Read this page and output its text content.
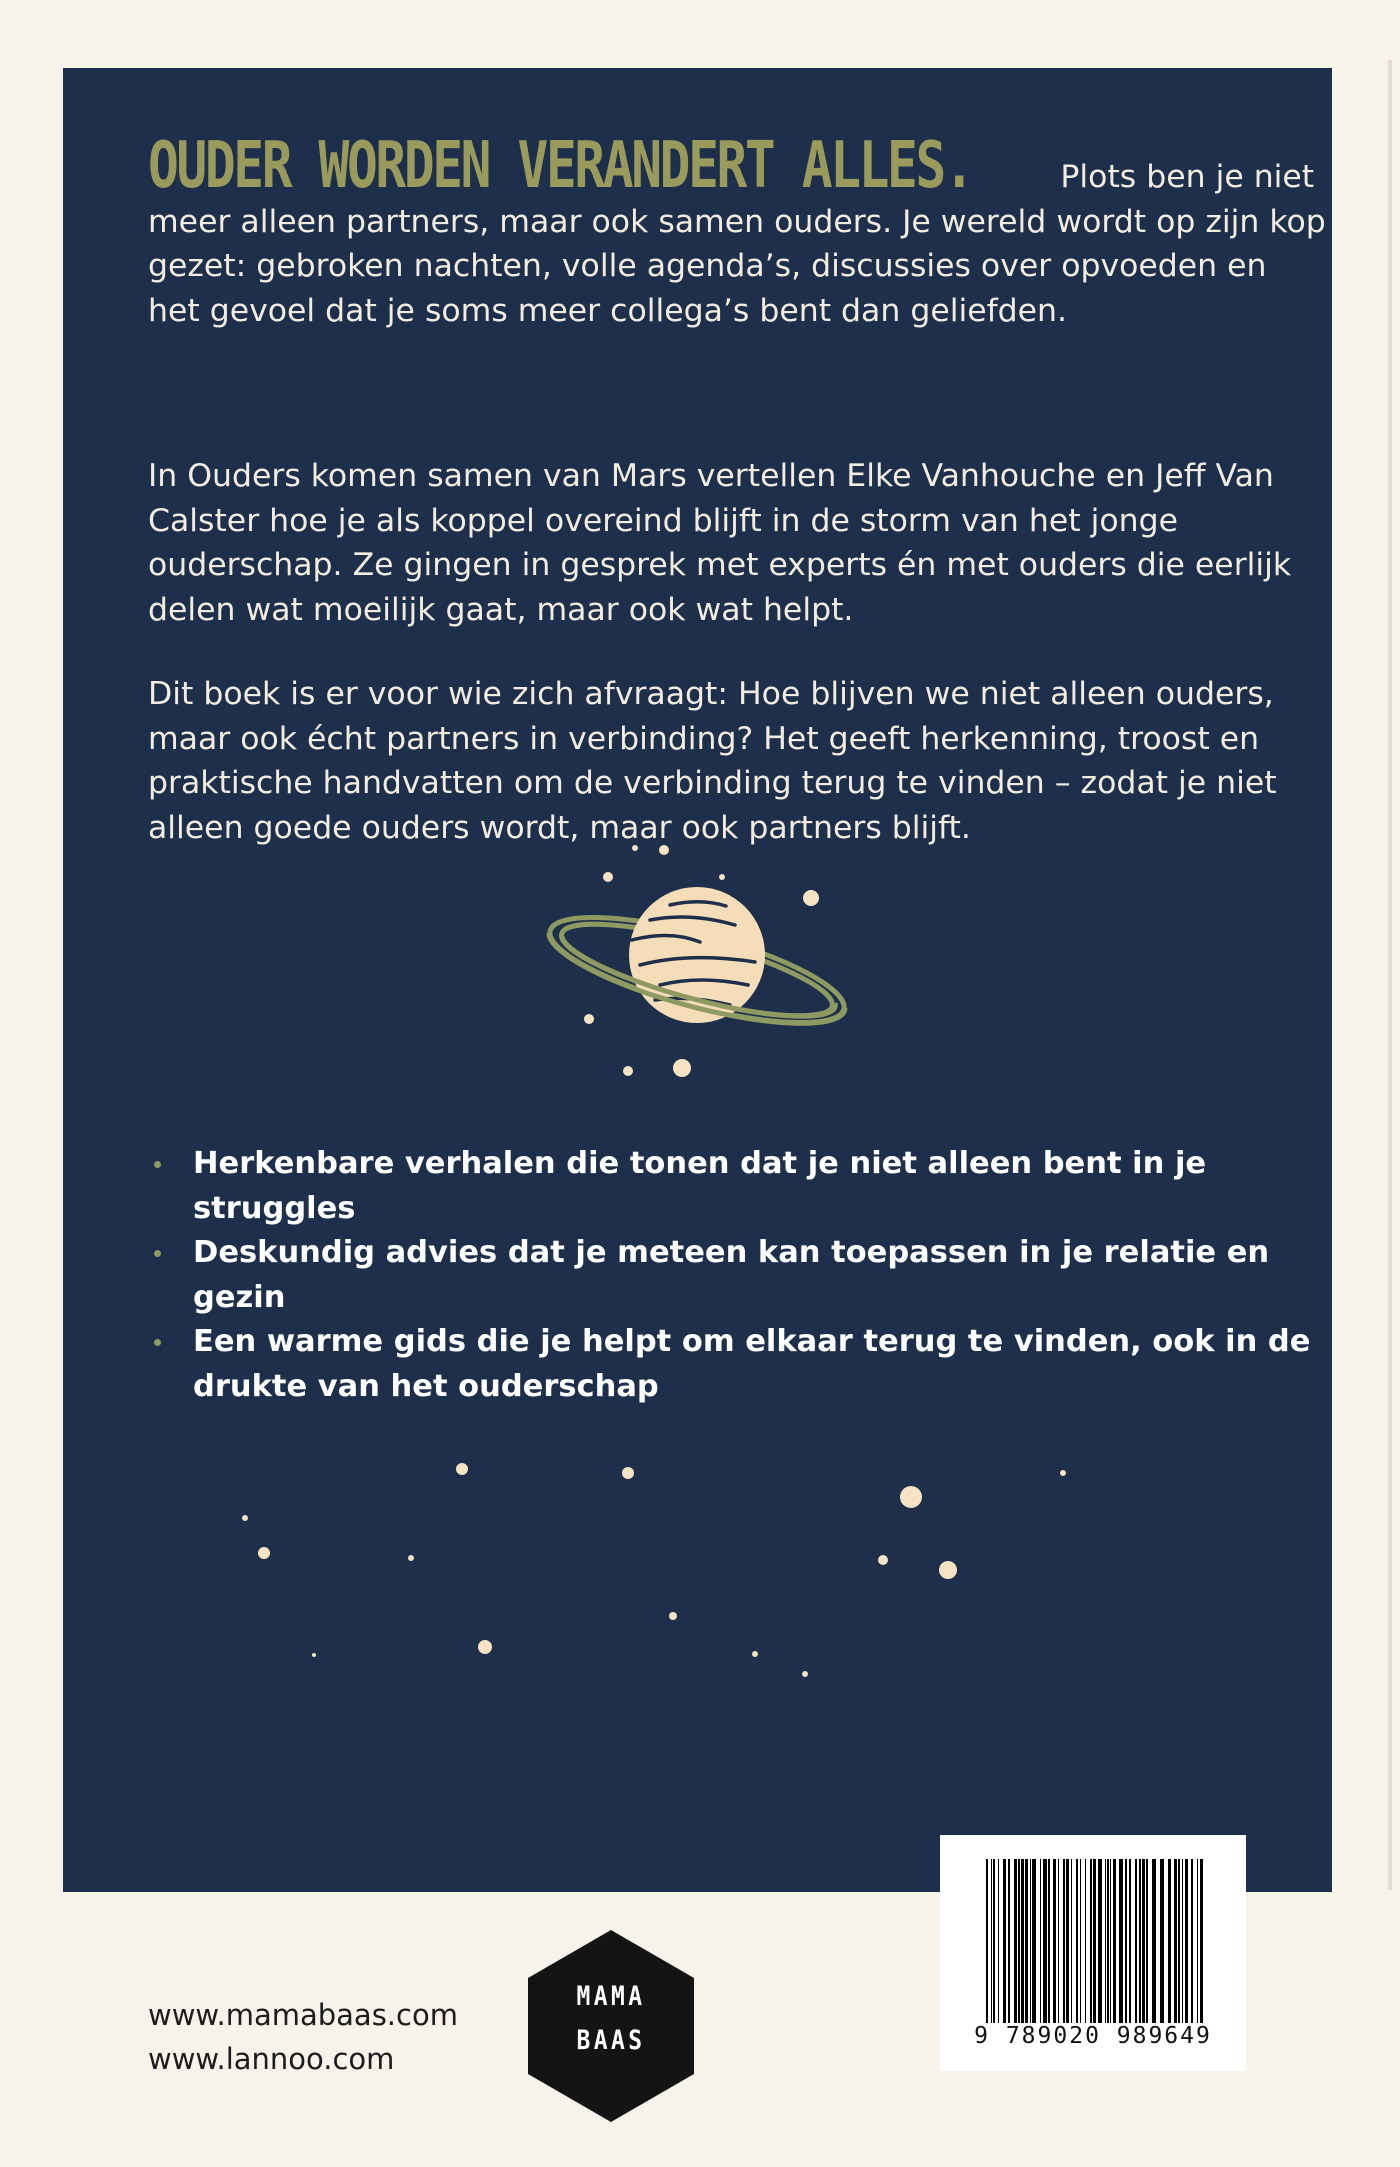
OUDER WORDEN VERANDERT ALLES.	Plots ben je niet meer alleen partners, maar ook samen ouders. Je wereld wordt op zijn kop gezet: gebroken nachten, volle agenda’s, discussies over opvoeden en het gevoel dat je soms meer collega’s bent dan geliefden.

In Ouders komen samen van Mars vertellen Elke Vanhouche en Jeff Van Calster hoe je als koppel overeind blijft in de storm van het jonge ouderschap. Ze gingen in gesprek met experts én met ouders die eerlijk delen wat moeilijk gaat, maar ook wat helpt.

Dit boek is er voor wie zich afvraagt: Hoe blijven we niet alleen ouders, maar ook écht partners in verbinding? Het geeft herkenning, troost en praktische handvatten om de verbinding terug te vinden – zodat je niet alleen goede ouders wordt, maar ook partners blijft.

Herkenbare verhalen die tonen dat je niet alleen bent in je struggles
Deskundig advies dat je meteen kan toepassen in je relatie en gezin
Een warme gids die je helpt om elkaar terug te vinden, ook in de drukte van het ouderschap
9 789020 989649
www.mamabaas.com
www.lannoo.com
MAMA
BAAS
